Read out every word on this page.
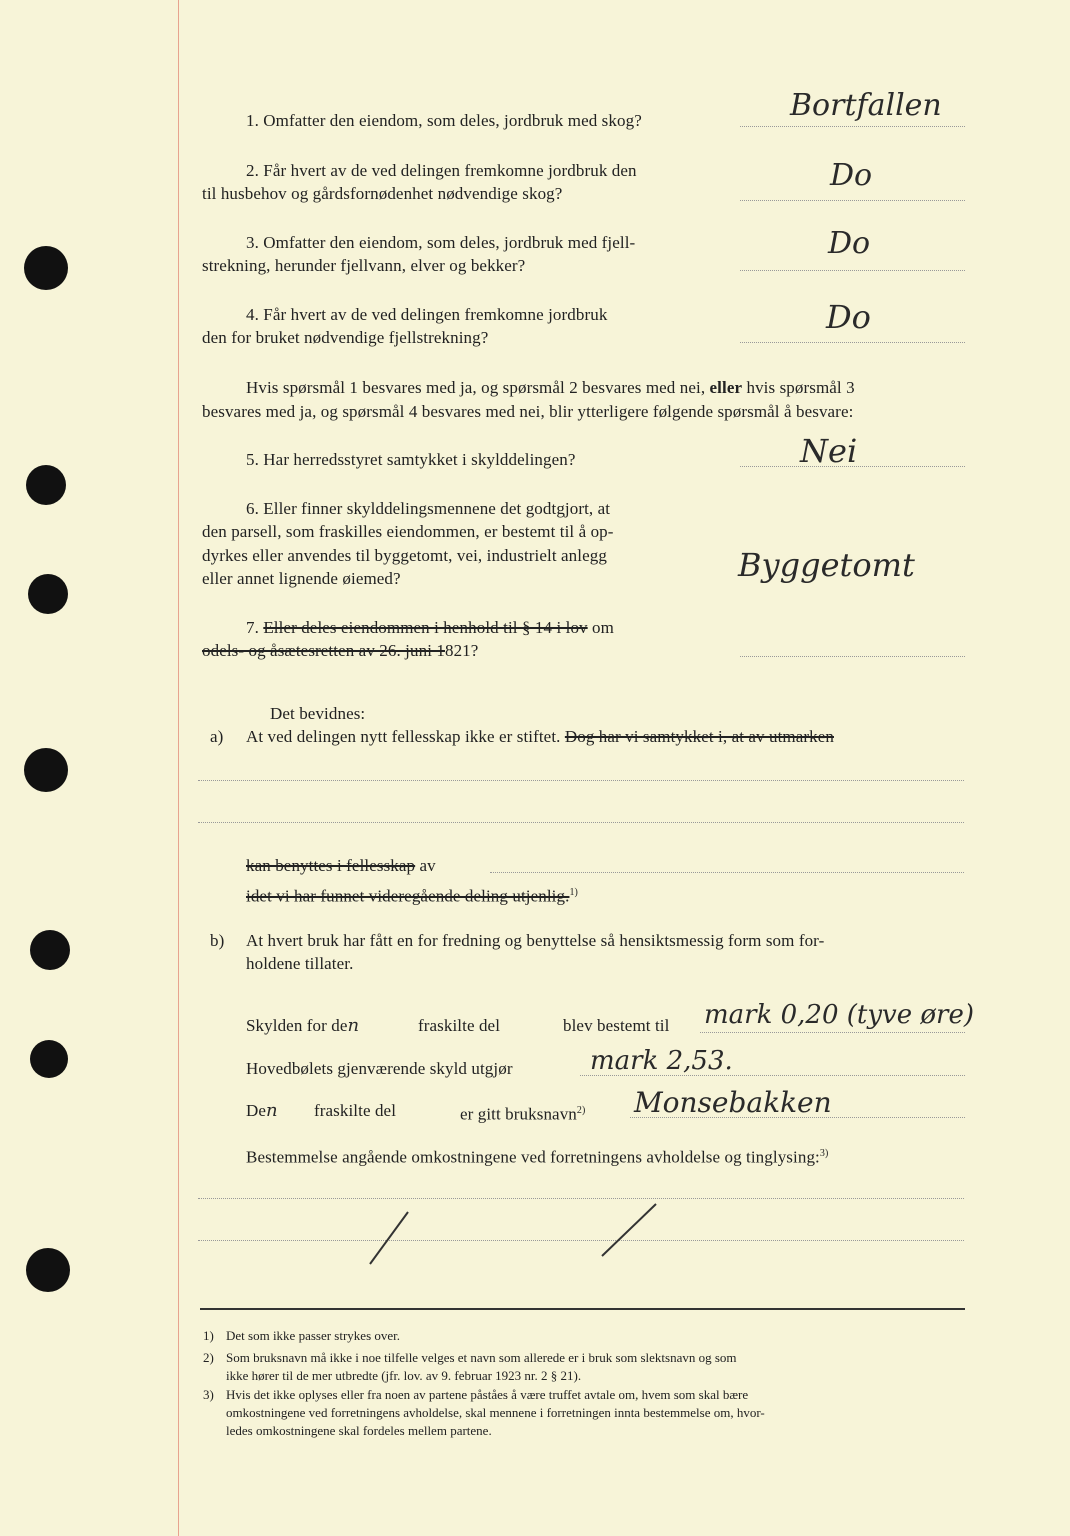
1. Omfatter den eiendom, som deles, jordbruk med skog?	Bortfallen
2. Får hvert av de ved delingen fremkomne jordbruk den
til husbehov og gårdsfornødenhet nødvendige skog?
Do
3. Omfatter den eiendom, som deles, jordbruk med fjell-
strekning, herunder fjellvann, elver og bekker?
Do
4. Får hvert av de ved delingen fremkomne jordbruk
den for bruket nødvendige fjellstrekning?
Do
Hvis spørsmål 1 besvares med ja, og spørsmål 2 besvares med nei, eller hvis spørsmål 3
besvares med ja, og spørsmål 4 besvares med nei, blir ytterligere følgende spørsmål å besvare:
5. Har herredsstyret samtykket i skylddelingen?	Nei
6. Eller finner skylddelingsmennene det godtgjort, at
den parsell, som fraskilles eiendommen, er bestemt til å op-
dyrkes eller anvendes til byggetomt, vei, industrielt anlegg
eller annet lignende øiemed?	Byggetomt
7. Eller deles eiendommen i henhold til § 14 i lov om
odels- og åsætesretten av 26. juni 1821?
Det bevidnes:
a) At ved delingen nytt fellesskap ikke er stiftet. Dog har vi samtykket i, at av utmarken
kan benyttes i fellesskap av
idet vi har funnet videregående deling utjenlig.$^{1)}$
b) At hvert bruk har fått en for fredning og benyttelse så hensiktsmessig form som for-
holdene tillater.
Skylden for den	fraskilte del	blev bestemt til mark 0,20 (tyve øre)
Hovedbølets gjenværende skyld utgjør	mark 2,53.
Den fraskilte del	er gitt bruksnavn$^{2)}$ Monsebakken
Bestemmelse angående omkostningene ved forretningens avholdelse og tinglysing:$^{3)}$
1) Det som ikke passer strykes over.
2) Som bruksnavn må ikke i noe tilfelle velges et navn som allerede er i bruk som slektsnavn og som
ikke hører til de mer utbredte (jfr. lov. av 9. februar 1923 nr. 2 § 21).
3) Hvis det ikke oplyses eller fra noen av partene påståes å være truffet avtale om, hvem som skal bære
omkostningene ved forretningens avholdelse, skal mennene i forretningen innta bestemmelse om, hvor-
ledes omkostningene skal fordeles mellem partene.
